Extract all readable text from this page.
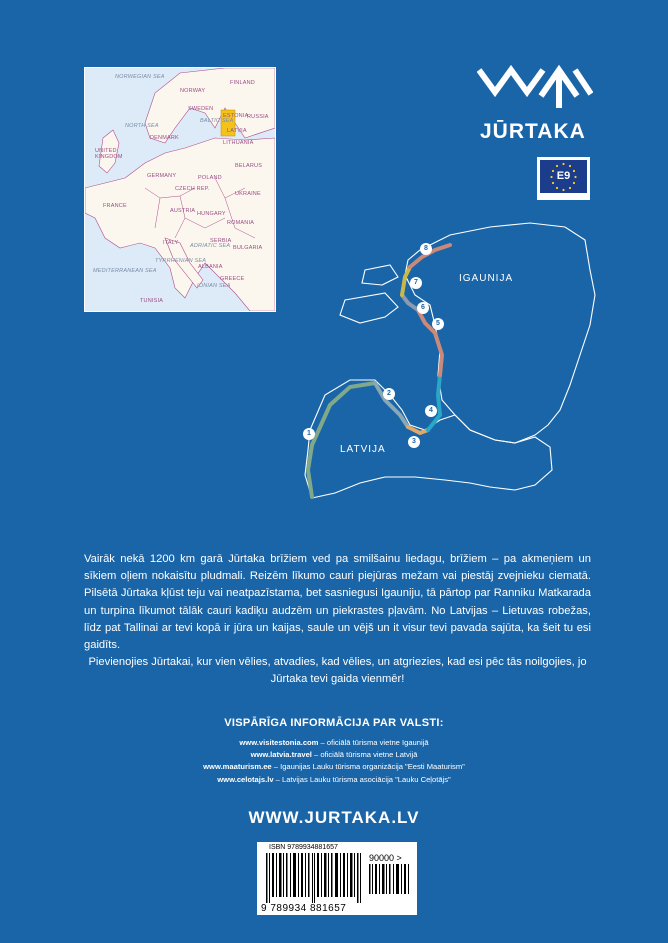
NORWEGIAN SEA
NORTH SEA
BALTIC SEA
MEDITERRANEAN SEA
TYRRHENIAN SEA
ADRIATIC SEA
IONIAN SEA
FINLAND
NORWAY
SWEDEN
ESTONIA
RUSSIA
LATVIA
LITHUANIA
DENMARK
UNITED KINGDOM
BELARUS
GERMANY	POLAND
FRANCE
CZECH REP.
UKRAINE
AUSTRIA HUNGARY
ROMANIA
ITALY	SERBIA
BULGARIA
ALBANIA
GREECE
TUNISIA
JŪRTAKA
E9
IGAUNIJA
LATVIJA
1
2
3
4
5
6
7
8

Vairāk nekā 1200 km garā Jūrtaka brīžiem ved pa smilšainu liedagu, brīžiem – pa akmeņiem un sīkiem oļiem nokaisītu pludmali. Reizēm līkumo cauri piejūras mežam vai piestāj zvejnieku ciematā. Pilsētā Jūrtaka kļūst teju vai neatpazīstama, bet sasniegusi Igauniju, tā pārtop par Ranniku Matkarada un turpina līkumot tālāk cauri kadiķu audzēm un piekrastes pļavām. No Latvijas – Lietuvas robežas, līdz pat Tallinai ar tevi kopā ir jūra un kaijas, saule un vējš un it visur tevi pavada sajūta, ka šeit tu esi gaidīts.

Pievienojies Jūrtakai, kur vien vēlies, atvadies, kad vēlies, un atgriezies, kad esi pēc tās noilgojies, jo Jūrtaka tevi gaida vienmēr!

VISPĀRĪGA INFORMĀCIJA PAR VALSTI:
www.visitestonia.com – oficiālā tūrisma vietne Igaunijā
www.latvia.travel – oficiālā tūrisma vietne Latvijā
www.maaturism.ee – Igaunijas Lauku tūrisma organizācija "Eesti Maaturism"
www.celotajs.lv – Latvijas Lauku tūrisma asociācija "Lauku Ceļotājs"
WWW.JURTAKA.LV
ISBN 9789934881657
90000 >
9 789934 881657
